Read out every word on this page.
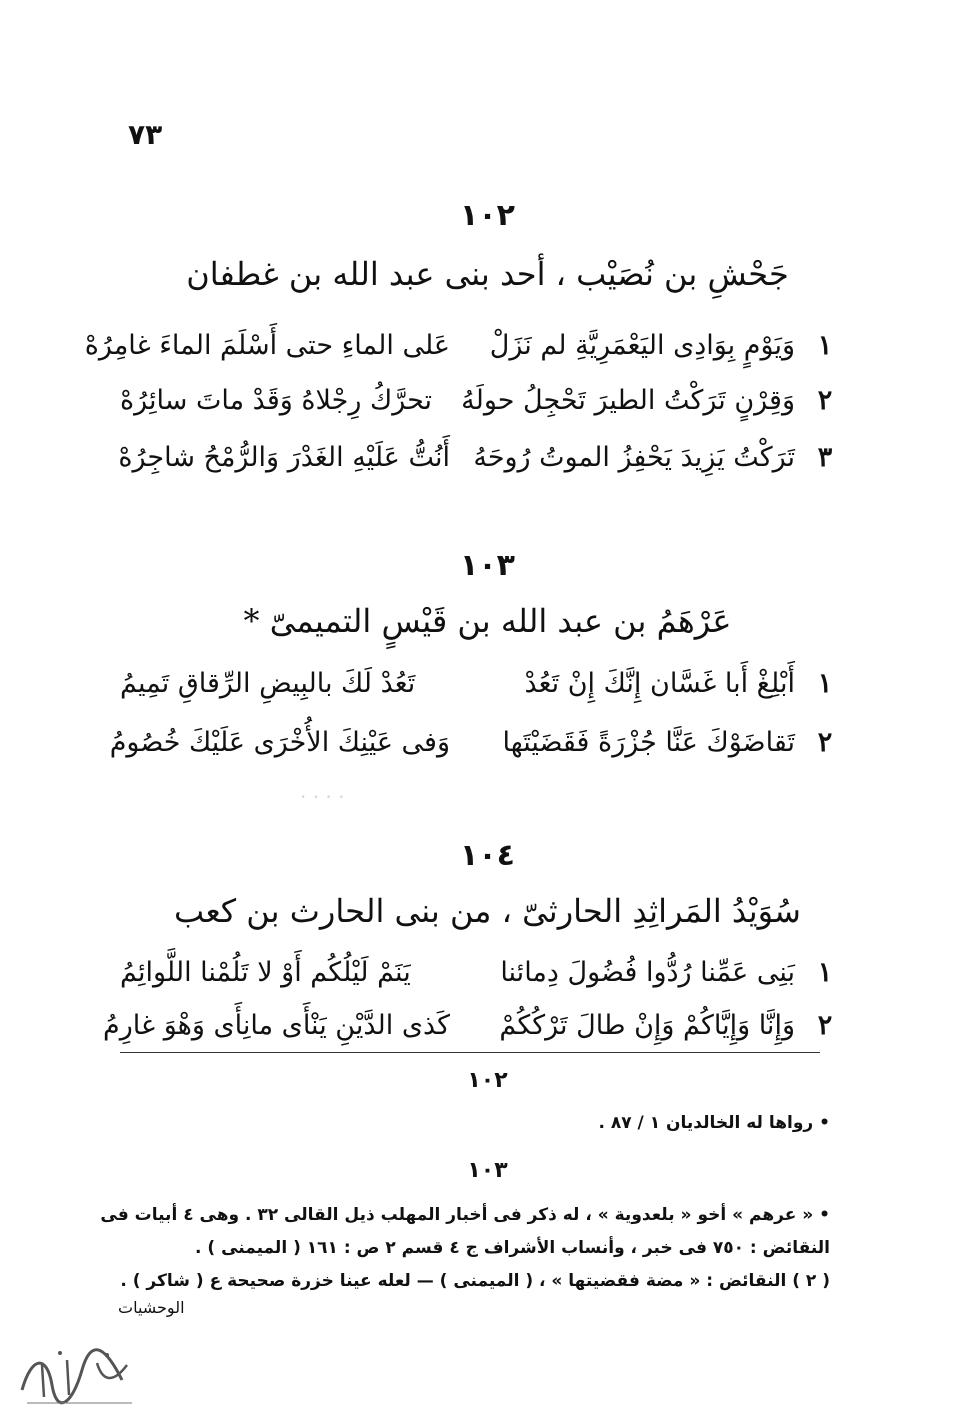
٧٣
١٠٢
جَحْشِ بن نُصَيْب ، أحد بنى عبد الله بن غطفان
١
وَيَوْمٍ بِوَادِى اليَعْمَرِيَّةِ لم نَزَلْ
عَلى الماءِ حتى أَسْلَمَ الماءَ غامِرُهْ
٢
وَقِرْنٍ تَرَكْتُ الطيرَ تَحْجِلُ حولَهُ
تحرَّكُ رِجْلاهُ وَقَدْ ماتَ سائِرُهْ
٣
تَرَكْتُ يَزِيدَ يَحْفِزُ الموتُ رُوحَهُ
أَنُتُّ عَلَيْهِ الغَدْرَ وَالرُّمْحُ شاجِرُهْ
١٠٣
عَرْهَمُ بن عبد الله بن قَيْسٍ التميمىّ *
١
أَبْلِغْ أَبا غَسَّان إِنَّكَ إِنْ تَعُدْ
تَعُدْ لَكَ بالبِيضِ الرِّقاقِ تَمِيمُ
٢
تَقاضَوْكَ عَنَّا جُزْرَةً فَقَضَيْتَها
وَفى عَيْنِكَ الأُخْرَى عَلَيْكَ خُصُومُ
· · · ·
١٠٤
سُوَيْدُ المَراثِدِ الحارثىّ ، من بنى الحارث بن كعب
١
بَنِى عَمِّنا رُدُّوا فُضُولَ دِمائنا
يَنَمْ لَيْلُكُم أَوْ لا تَلُمْنا اللَّوائِمُ
٢
وَإِنَّا وَإِيَّاكُمْ وَإِنْ طالَ تَرْكُكُمْ
كَذى الدَّيْنِ يَنْأَى مانِأَى وَهْوَ غارِمُ
١٠٢
• رواها له الخالديان ١ / ٨٧ .
١٠٣
• « عرهم » أخو « بلعدوية » ، له ذكر فى أخبار المهلب ذيل القالى ٣٢ . وهى ٤ أبيات فى
النقائض : ٧٥٠ فى خبر ، وأنساب الأشراف ج ٤ قسم ٢ ص : ١٦١ ( الميمنى ) .
( ٢ ) النقائض : « مضة فقضيتها » ، ( الميمنى ) — لعله عينا خزرة صحيحة ع ( شاكر ) .
الوحشيات
